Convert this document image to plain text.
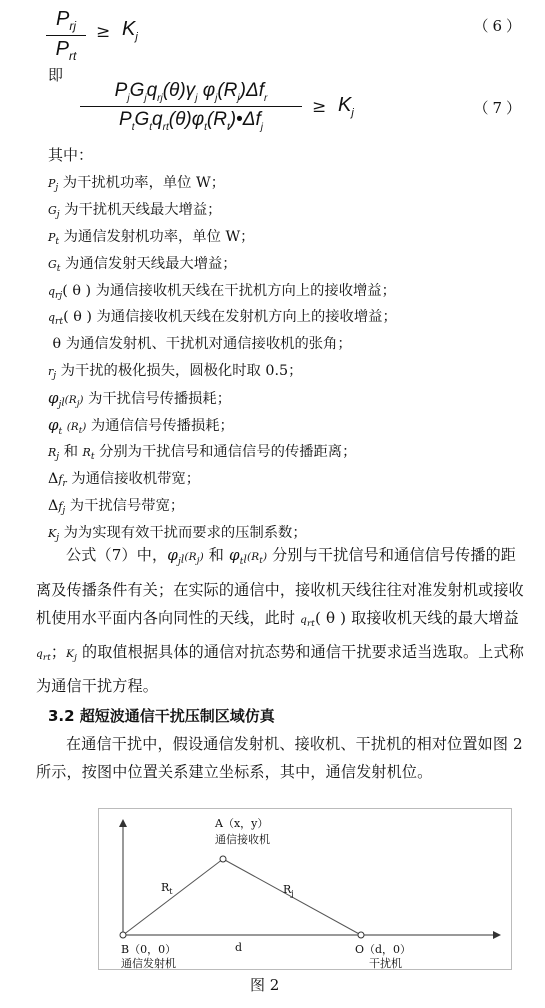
$P_{rj}$
$P_{rt}$
≥ $K_j$
（6）
即
$P_jG_jq_{rj}(\theta)\gamma_j$ $\varphi_j(R_j)\Delta f_r$
$P_tG_tq_{rt}(\theta)\varphi_t(R_t)•\Delta f_j$
≥ $K_j$	（7）
其中：
$P_j$ 为干扰机功率，单位 W；
$G_j$ 为干扰机天线最大增益；
$P_t$ 为通信发射机功率，单位 W；
$G_t$ 为通信发射天线最大增益；
$q_{rj}$( θ ) 为通信接收机天线在干扰机方向上的接收增益；
$q_{rt}$( θ ) 为通信接收机天线在发射机方向上的接收增益；
θ 为通信发射机、干扰机对通信接收机的张角；
$r_j$ 为干扰的极化损失，圆极化时取 0.5；
$\varphi_jꞁ(R_j)$ 为干扰信号传播损耗；
$\varphi_t$ $(R_t)$ 为通信信号传播损耗；
$R_j$ 和 $R_t$ 分别为干扰信号和通信信号的传播距离；
$\Delta f_r$ 为通信接收机带宽；
$\Delta f_j$ 为干扰信号带宽；
$K_j$ 为为实现有效干扰而要求的压制系数；
公式（7）中，$\varphi_jꞁ(R_j)$ 和 $\varphi_tꞁ(R_t)$ 分别与干扰信号和通信信号传播的距离及传播条件有关；在实际的通信中，接收机天线往往对准发射机或接收机使用水平面内各向同性的天线，此时 $q_{rt}$( θ ) 取接收机天线的最大增益 $q_{rt}$；$K_j$ 的取值根据具体的通信对抗态势和通信干扰要求适当选取。上式称为通信干扰方程。
3.2 超短波通信干扰压制区域仿真
在通信干扰中，假设通信发射机、接收机、干扰机的相对位置如图 2 所示，按图中位置关系建立坐标系，其中，通信发射机位。
A（x，y）
通信接收机
$R_t$	$R_j$
B（0，0）
通信发射机
d	O（d，0）
干扰机
图 2
